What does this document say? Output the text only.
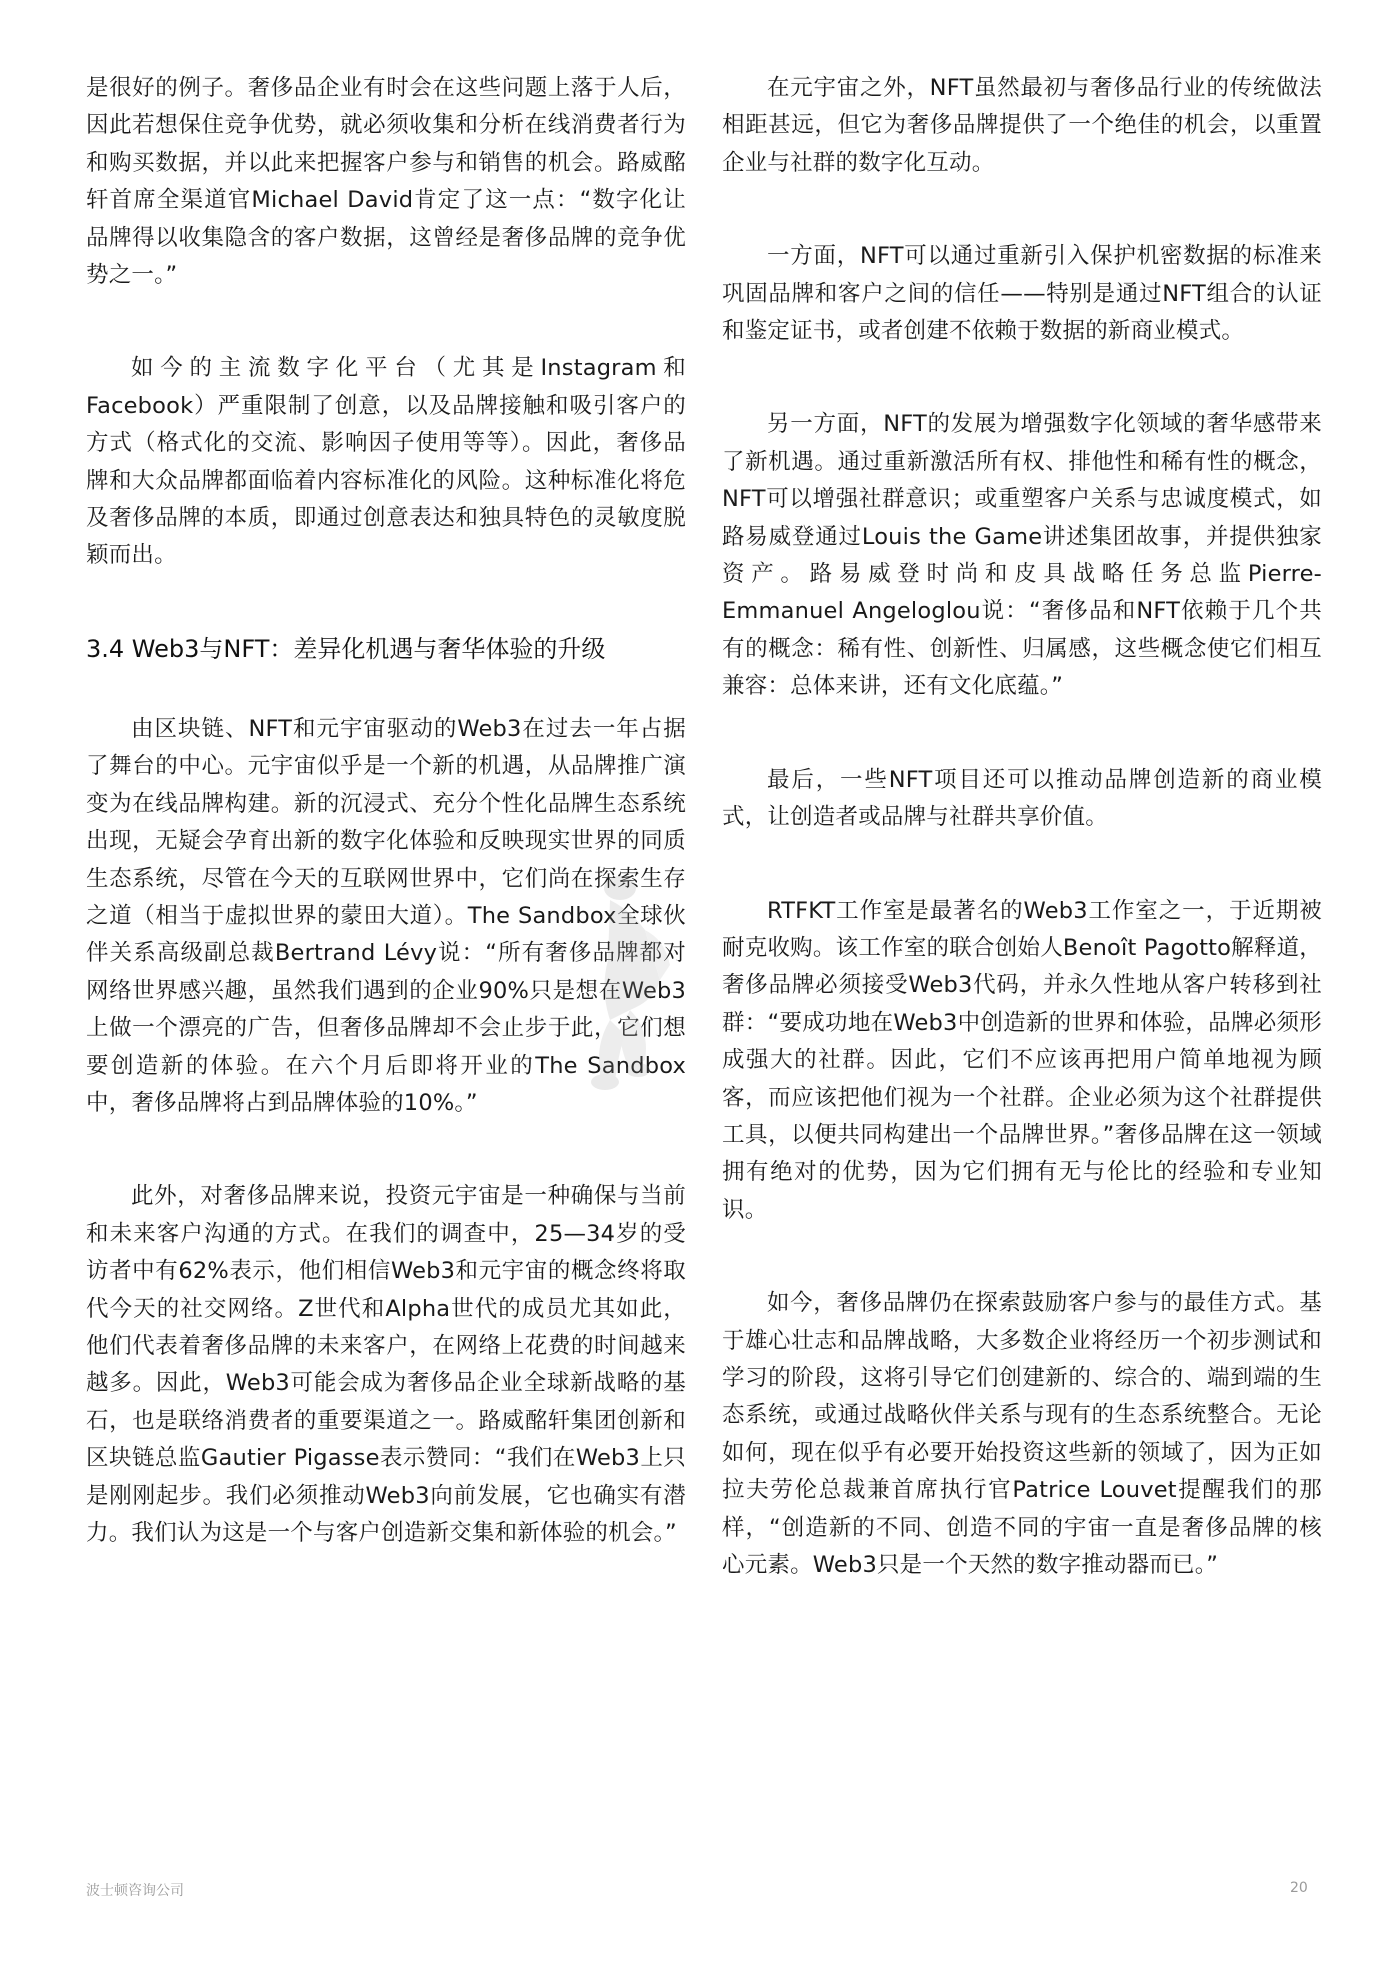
是很好的例子。奢侈品企业有时会在这些问题上落于人后，因此若想保住竞争优势，就必须收集和分析在线消费者行为和购买数据，并以此来把握客户参与和销售的机会。路威酩轩首席全渠道官Michael David肯定了这一点：“数字化让品牌得以收集隐含的客户数据，这曾经是奢侈品牌的竞争优势之一。”

如今的主流数字化平台（尤其是Instagram和Facebook）严重限制了创意，以及品牌接触和吸引客户的方式（格式化的交流、影响因子使用等等）。因此，奢侈品牌和大众品牌都面临着内容标准化的风险。这种标准化将危及奢侈品牌的本质，即通过创意表达和独具特色的灵敏度脱颖而出。

3.4 Web3与NFT：差异化机遇与奢华体验的升级

由区块链、NFT和元宇宙驱动的Web3在过去一年占据了舞台的中心。元宇宙似乎是一个新的机遇，从品牌推广演变为在线品牌构建。新的沉浸式、充分个性化品牌生态系统出现，无疑会孕育出新的数字化体验和反映现实世界的同质生态系统，尽管在今天的互联网世界中，它们尚在探索生存之道（相当于虚拟世界的蒙田大道）。The Sandbox全球伙伴关系高级副总裁Bertrand Lévy说：“所有奢侈品牌都对网络世界感兴趣，虽然我们遇到的企业90%只是想在Web3上做一个漂亮的广告，但奢侈品牌却不会止步于此，它们想要创造新的体验。在六个月后即将开业的The Sandbox中，奢侈品牌将占到品牌体验的10%。”

此外，对奢侈品牌来说，投资元宇宙是一种确保与当前和未来客户沟通的方式。在我们的调查中，25—34岁的受访者中有62%表示，他们相信Web3和元宇宙的概念终将取代今天的社交网络。Z世代和Alpha世代的成员尤其如此，他们代表着奢侈品牌的未来客户，在网络上花费的时间越来越多。因此，Web3可能会成为奢侈品企业全球新战略的基石，也是联络消费者的重要渠道之一。路威酩轩集团创新和区块链总监Gautier Pigasse表示赞同：“我们在Web3上只是刚刚起步。我们必须推动Web3向前发展，它也确实有潜力。我们认为这是一个与客户创造新交集和新体验的机会。”

在元宇宙之外，NFT虽然最初与奢侈品行业的传统做法相距甚远，但它为奢侈品牌提供了一个绝佳的机会，以重置企业与社群的数字化互动。

一方面，NFT可以通过重新引入保护机密数据的标准来巩固品牌和客户之间的信任——特别是通过NFT组合的认证和鉴定证书，或者创建不依赖于数据的新商业模式。

另一方面，NFT的发展为增强数字化领域的奢华感带来了新机遇。通过重新激活所有权、排他性和稀有性的概念，NFT可以增强社群意识；或重塑客户关系与忠诚度模式，如路易威登通过Louis the Game讲述集团故事，并提供独家资产。路易威登时尚和皮具战略任务总监Pierre-Emmanuel Angeloglou说：“奢侈品和NFT依赖于几个共有的概念：稀有性、创新性、归属感，这些概念使它们相互兼容：总体来讲，还有文化底蕴。”

最后，一些NFT项目还可以推动品牌创造新的商业模式，让创造者或品牌与社群共享价值。

RTFKT工作室是最著名的Web3工作室之一，于近期被耐克收购。该工作室的联合创始人Benoît Pagotto解释道，奢侈品牌必须接受Web3代码，并永久性地从客户转移到社群：“要成功地在Web3中创造新的世界和体验，品牌必须形成强大的社群。因此，它们不应该再把用户简单地视为顾客，而应该把他们视为一个社群。企业必须为这个社群提供工具，以便共同构建出一个品牌世界。”奢侈品牌在这一领域拥有绝对的优势，因为它们拥有无与伦比的经验和专业知识。

如今，奢侈品牌仍在探索鼓励客户参与的最佳方式。基于雄心壮志和品牌战略，大多数企业将经历一个初步测试和学习的阶段，这将引导它们创建新的、综合的、端到端的生态系统，或通过战略伙伴关系与现有的生态系统整合。无论如何，现在似乎有必要开始投资这些新的领域了，因为正如拉夫劳伦总裁兼首席执行官Patrice Louvet提醒我们的那样，“创造新的不同、创造不同的宇宙一直是奢侈品牌的核心元素。Web3只是一个天然的数字推动器而已。”

波士顿咨询公司	20
